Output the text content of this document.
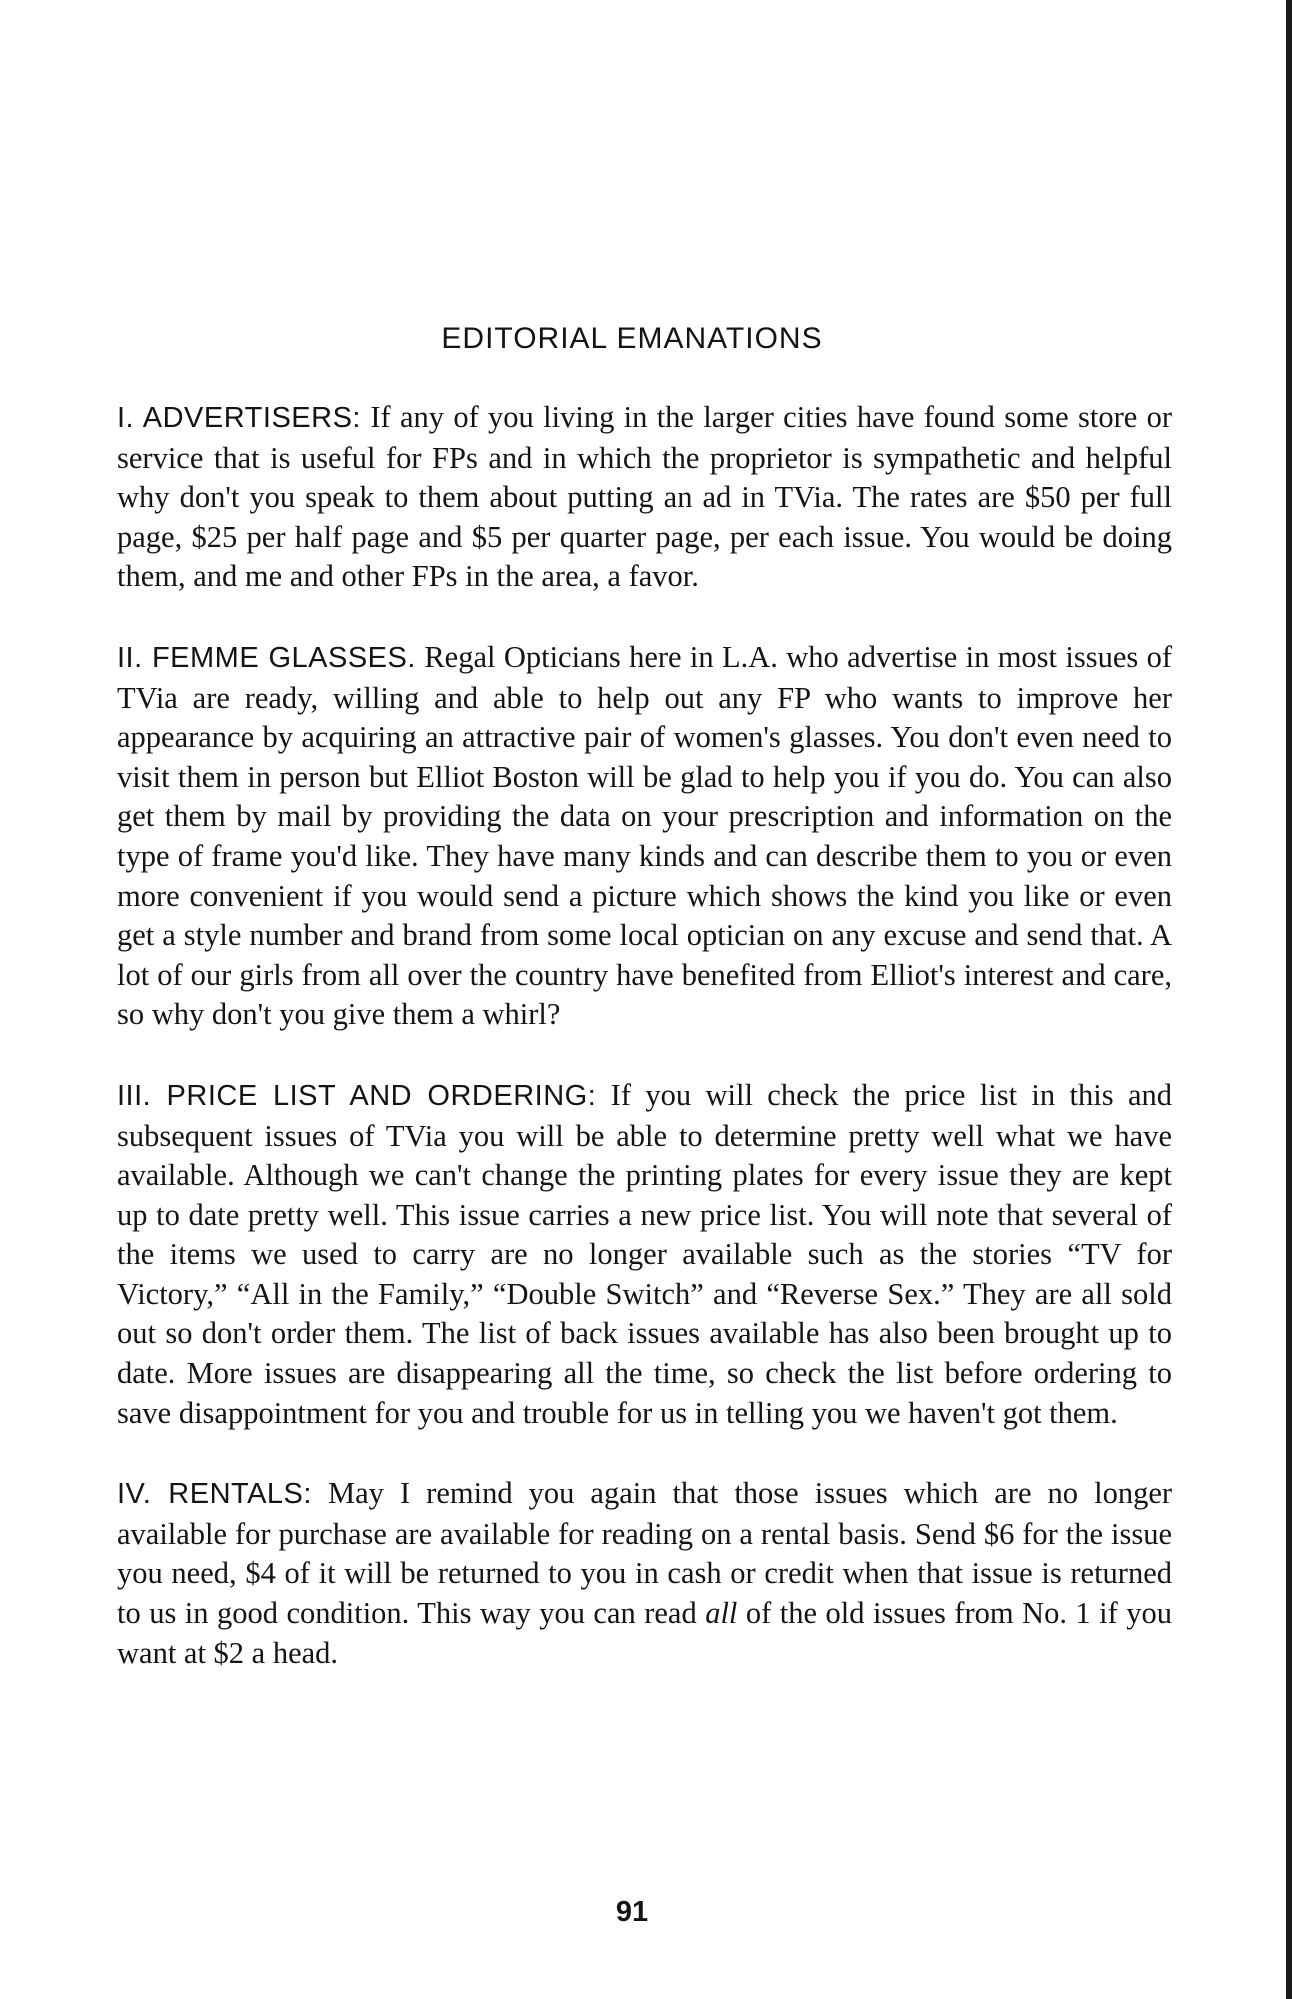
EDITORIAL EMANATIONS

I. ADVERTISERS: If any of you living in the larger cities have found some store or service that is useful for FPs and in which the proprietor is sympathetic and helpful why don't you speak to them about putting an ad in TVia. The rates are $50 per full page, $25 per half page and $5 per quarter page, per each issue. You would be doing them, and me and other FPs in the area, a favor.

II. FEMME GLASSES. Regal Opticians here in L.A. who advertise in most issues of TVia are ready, willing and able to help out any FP who wants to improve her appearance by acquiring an attractive pair of women's glasses. You don't even need to visit them in person but Elliot Boston will be glad to help you if you do. You can also get them by mail by providing the data on your prescription and information on the type of frame you'd like. They have many kinds and can describe them to you or even more convenient if you would send a picture which shows the kind you like or even get a style number and brand from some local optician on any excuse and send that. A lot of our girls from all over the country have benefited from Elliot's interest and care, so why don't you give them a whirl?

III. PRICE LIST AND ORDERING: If you will check the price list in this and subsequent issues of TVia you will be able to determine pretty well what we have available. Although we can't change the printing plates for every issue they are kept up to date pretty well. This issue carries a new price list. You will note that several of the items we used to carry are no longer available such as the stories “TV for Victory,” “All in the Family,” “Double Switch” and “Reverse Sex.” They are all sold out so don't order them. The list of back issues available has also been brought up to date. More issues are disappearing all the time, so check the list before ordering to save disappointment for you and trouble for us in telling you we haven't got them.

IV. RENTALS: May I remind you again that those issues which are no longer available for purchase are available for reading on a rental basis. Send $6 for the issue you need, $4 of it will be returned to you in cash or credit when that issue is returned to us in good condition. This way you can read all of the old issues from No. 1 if you want at $2 a head.

91
